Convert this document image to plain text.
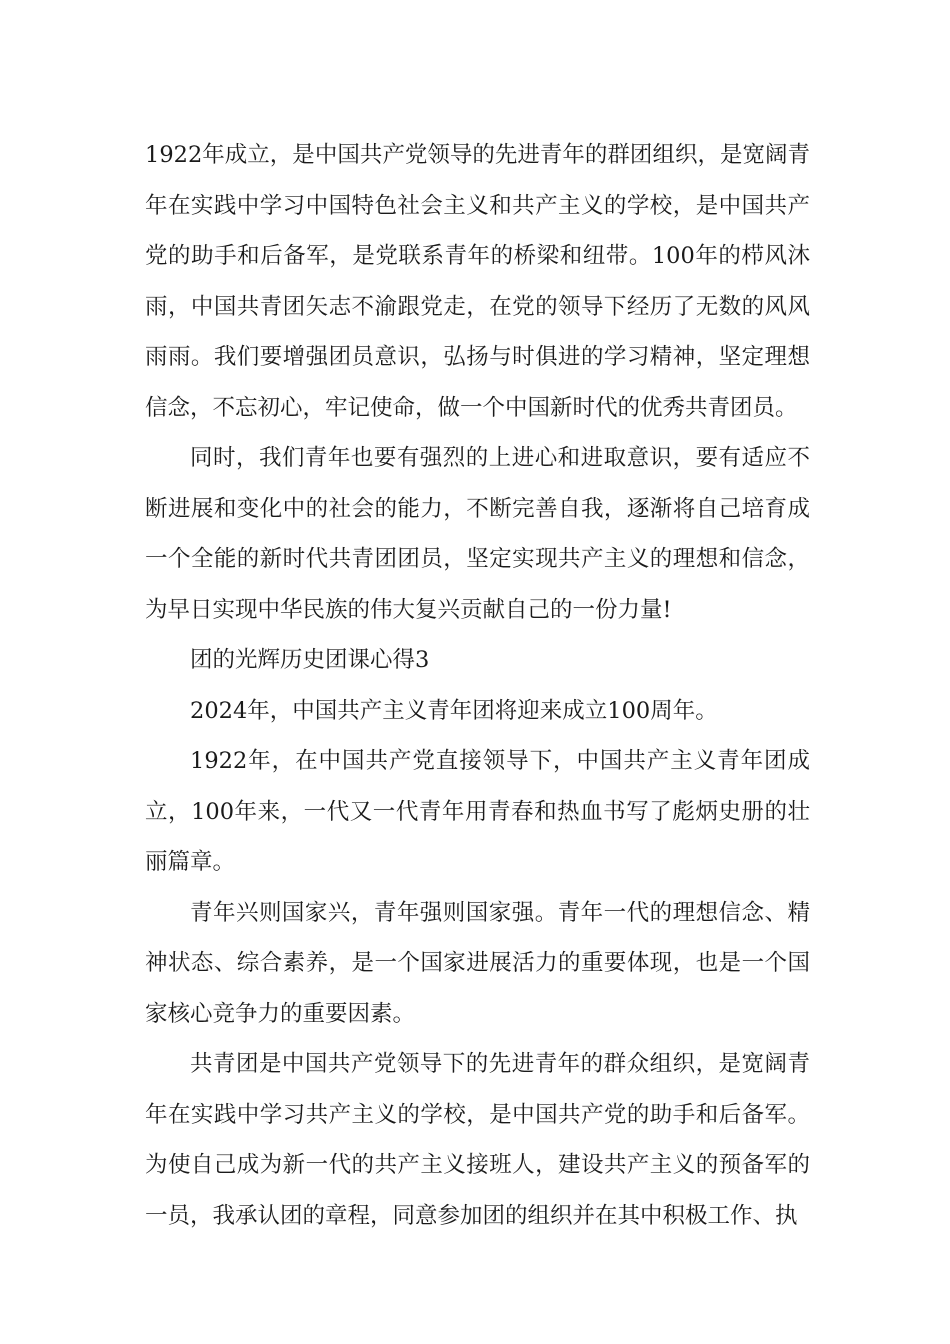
1922年成立，是中国共产党领导的先进青年的群团组织，是宽阔青年在实践中学习中国特色社会主义和共产主义的学校，是中国共产党的助手和后备军，是党联系青年的桥梁和纽带。100年的栉风沐雨，中国共青团矢志不渝跟党走，在党的领导下经历了无数的风风雨雨。我们要增强团员意识，弘扬与时俱进的学习精神，坚定理想信念，不忘初心，牢记使命，做一个中国新时代的优秀共青团员。

同时，我们青年也要有强烈的上进心和进取意识，要有适应不断进展和变化中的社会的能力，不断完善自我，逐渐将自己培育成一个全能的新时代共青团团员，坚定实现共产主义的理想和信念，为早日实现中华民族的伟大复兴贡献自己的一份力量!

团的光辉历史团课心得3

2024年，中国共产主义青年团将迎来成立100周年。

1922年，在中国共产党直接领导下，中国共产主义青年团成立，100年来，一代又一代青年用青春和热血书写了彪炳史册的壮丽篇章。

青年兴则国家兴，青年强则国家强。青年一代的理想信念、精神状态、综合素养，是一个国家进展活力的重要体现，也是一个国家核心竞争力的重要因素。

共青团是中国共产党领导下的先进青年的群众组织，是宽阔青年在实践中学习共产主义的学校，是中国共产党的助手和后备军。为使自己成为新一代的共产主义接班人，建设共产主义的预备军的一员，我承认团的章程，同意参加团的组织并在其中积极工作、执
